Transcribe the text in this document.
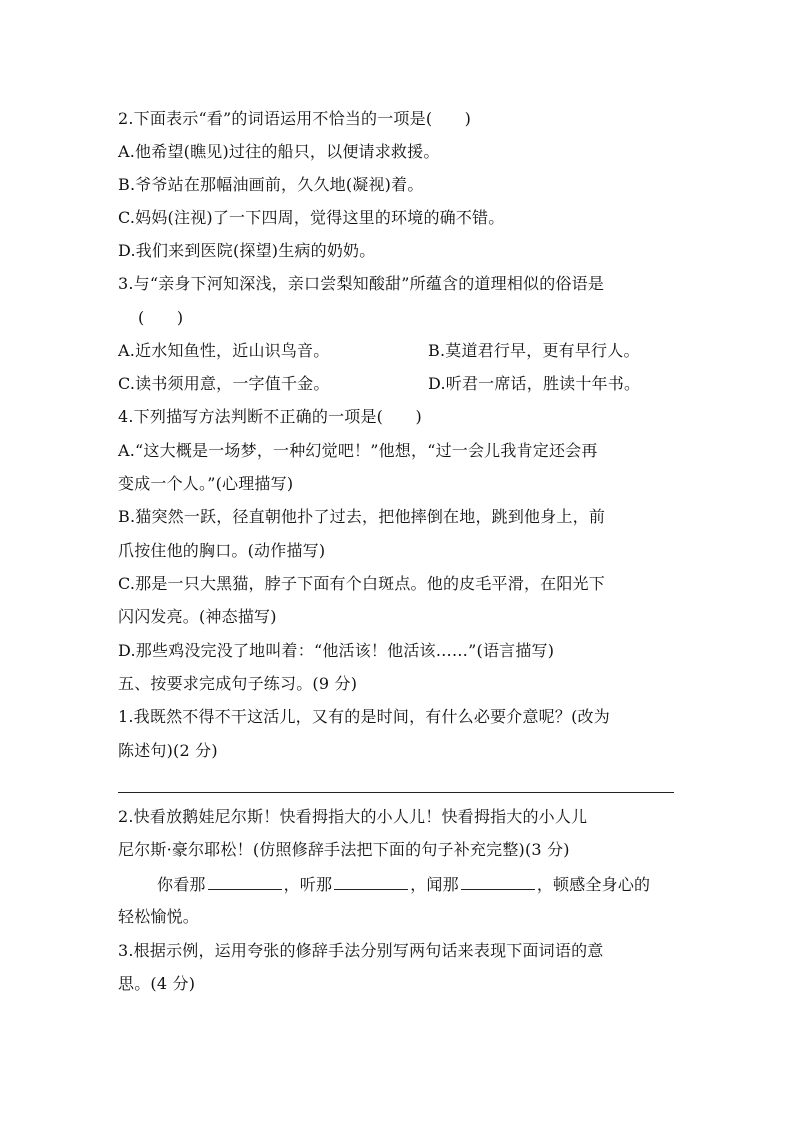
2.下面表示“看”的词语运用不恰当的一项是(　　)
A.他希望(瞧见)过往的船只，以便请求救援。
B.爷爷站在那幅油画前，久久地(凝视)着。
C.妈妈(注视)了一下四周，觉得这里的环境的确不错。
D.我们来到医院(探望)生病的奶奶。
3.与“亲身下河知深浅，亲口尝梨知酸甜”所蕴含的道理相似的俗语是
(　　)
A.近水知鱼性，近山识鸟音。	B.莫道君行早，更有早行人。
C.读书须用意，一字值千金。	D.听君一席话，胜读十年书。
4.下列描写方法判断不正确的一项是(　　)
A.“这大概是一场梦，一种幻觉吧！”他想，“过一会儿我肯定还会再
变成一个人。”(心理描写)
B.猫突然一跃，径直朝他扑了过去，把他摔倒在地，跳到他身上，前
爪按住他的胸口。(动作描写)
C.那是一只大黑猫，脖子下面有个白斑点。他的皮毛平滑，在阳光下
闪闪发亮。(神态描写)
D.那些鸡没完没了地叫着：“他活该！他活该……”(语言描写)
五、按要求完成句子练习。(9 分)
1.我既然不得不干这活儿，又有的是时间，有什么必要介意呢？(改为
陈述句)(2 分)
2.快看放鹅娃尼尔斯！快看拇指大的小人儿！快看拇指大的小人儿
尼尔斯·豪尔耶松！(仿照修辞手法把下面的句子补充完整)(3 分)
你看那	，听那	，闻那	，顿感全身心的
轻松愉悦。
3.根据示例，运用夸张的修辞手法分别写两句话来表现下面词语的意
思。(4 分)
